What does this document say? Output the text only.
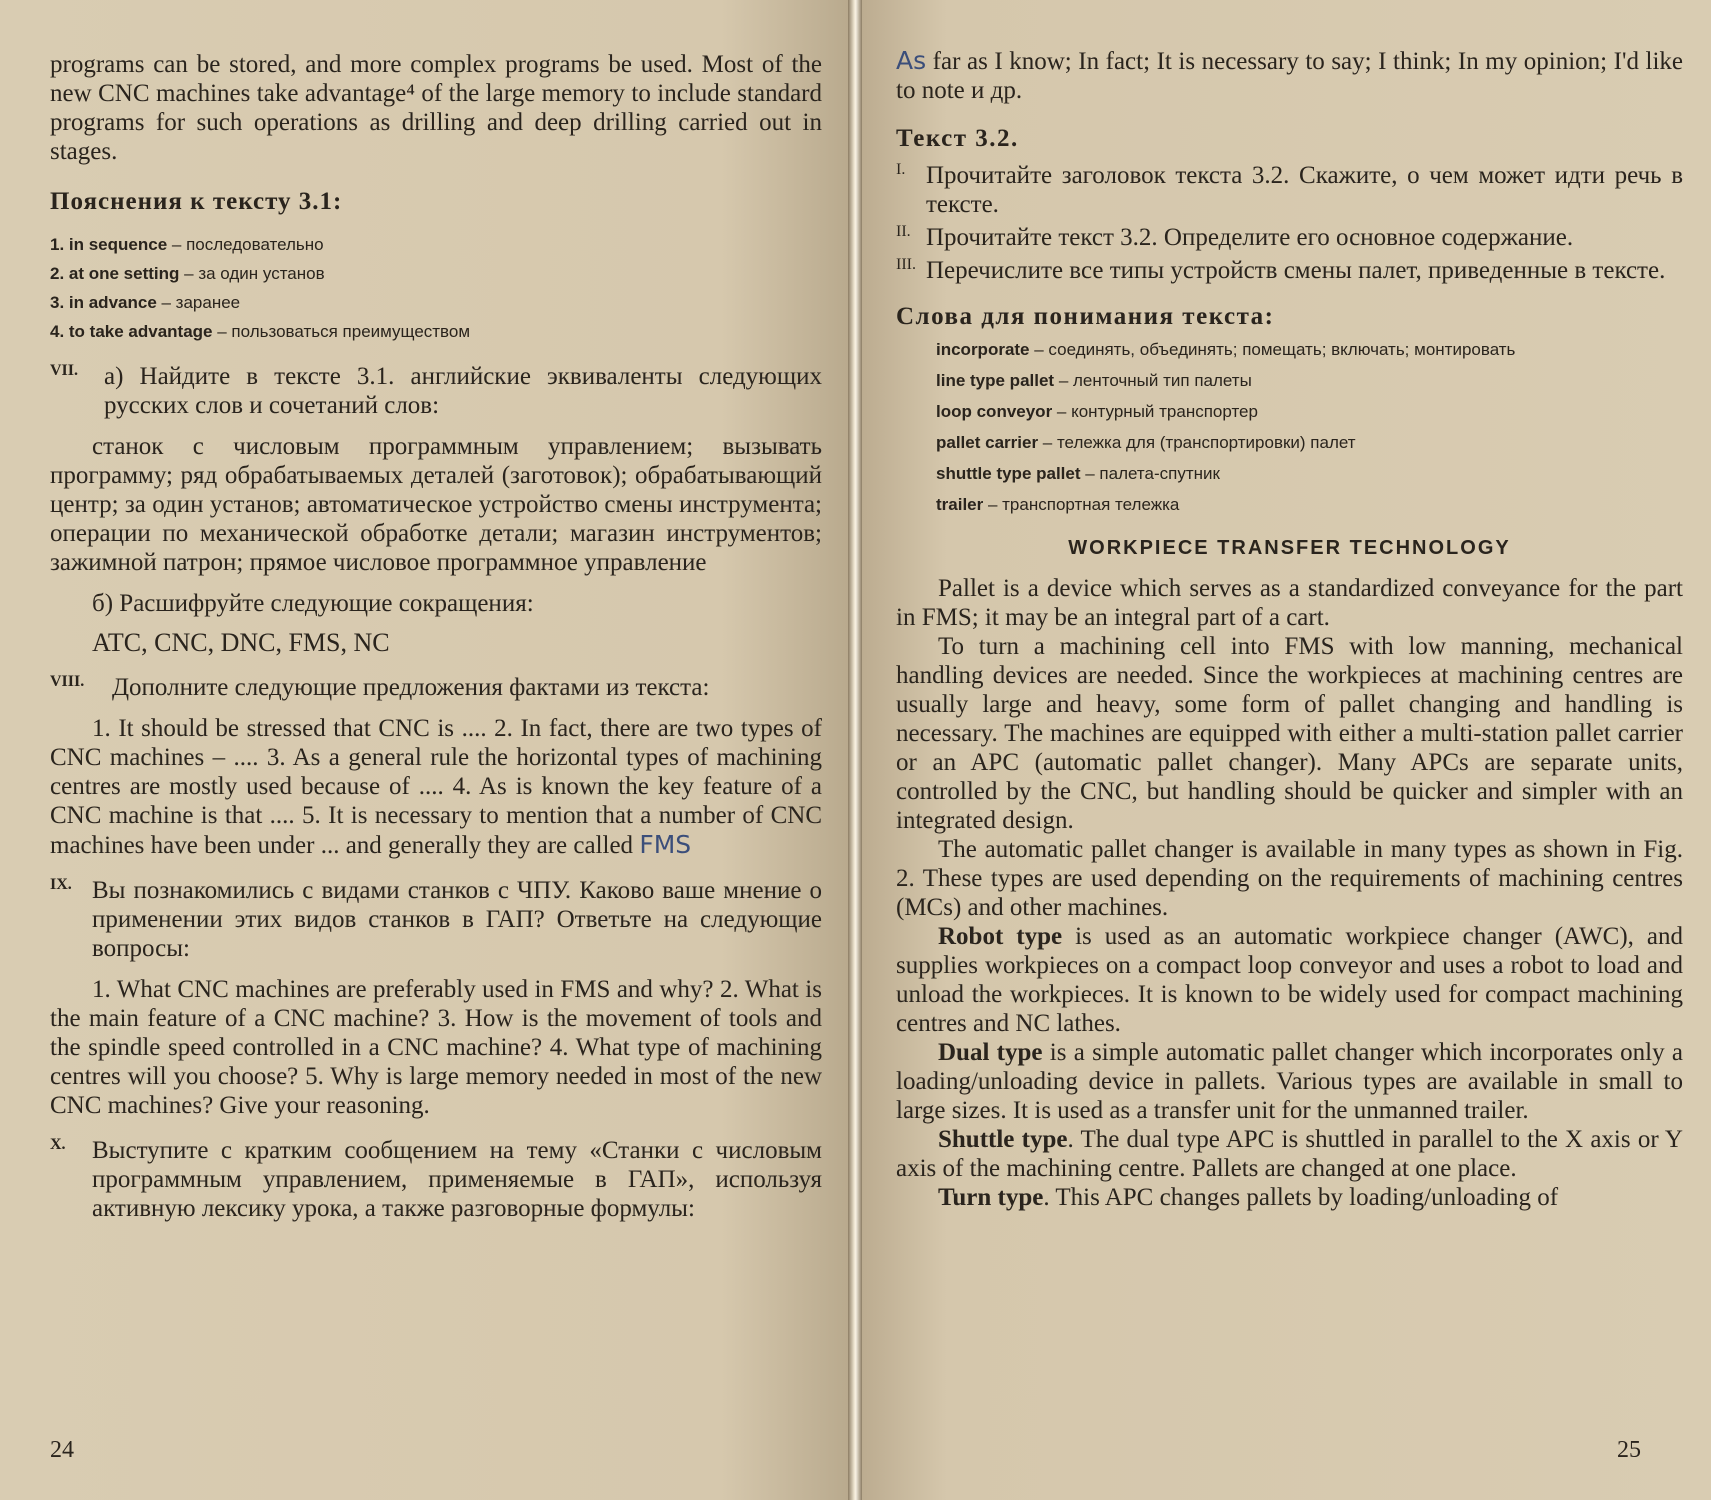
programs can be stored, and more complex programs be used. Most of the new CNC machines take advantage⁴ of the large memory to include standard programs for such operations as drilling and deep drilling carried out in stages.

Пояснения к тексту 3.1:

1. in sequence – последовательно

2. at one setting – за один установ

3. in advance – заранее

4. to take advantage – пользоваться преимуществом

VII.	а) Найдите в тексте 3.1. английские эквиваленты следующих русских слов и сочетаний слов:

станок с числовым программным управлением; вызывать программу; ряд обрабатываемых деталей (заготовок); обрабатывающий центр; за один установ; автоматическое устройство смены инструмента; операции по механической обработке детали; магазин инструментов; зажимной патрон; прямое числовое программное управление

б) Расшифруйте следующие сокращения:

ATC, CNC, DNC, FMS, NC

VIII.	Дополните следующие предложения фактами из текста:

1. It should be stressed that CNC is .... 2. In fact, there are two types of CNC machines – .... 3. As a general rule the horizontal types of machining centres are mostly used because of .... 4. As is known the key feature of a CNC machine is that .... 5. It is necessary to mention that a number of CNC machines have been under ... and generally they are called FMS

IX. Вы познакомились с видами станков с ЧПУ. Каково ваше мнение о применении этих видов станков в ГАП? Ответьте на следующие вопросы:

1. What CNC machines are preferably used in FMS and why? 2. What is the main feature of a CNC machine? 3. How is the movement of tools and the spindle speed controlled in a CNC machine? 4. What type of machining centres will you choose? 5. Why is large memory needed in most of the new CNC machines? Give your reasoning.

X. Выступите с кратким сообщением на тему «Станки с числовым программным управлением, применяемые в ГАП», используя активную лексику урока, а также разговорные формулы:

24

As far as I know; In fact; It is necessary to say; I think; In my opinion; I'd like to note и др.

Текст 3.2.
I. Прочитайте заголовок текста 3.2. Скажите, о чем может идти речь в тексте.

II. Прочитайте текст 3.2. Определите его основное содержание.

III. Перечислите все типы устройств смены палет, приведенные в тексте.

Слова для понимания текста:

incorporate – соединять, объединять; помещать; включать; монтировать

line type pallet – ленточный тип палеты

loop conveyor – контурный транспортер

pallet carrier – тележка для (транспортировки) палет

shuttle type pallet – палета-спутник

trailer – транспортная тележка

WORKPIECE TRANSFER TECHNOLOGY

Pallet is a device which serves as a standardized conveyance for the part in FMS; it may be an integral part of a cart.

To turn a machining cell into FMS with low manning, mechanical handling devices are needed. Since the workpieces at machining centres are usually large and heavy, some form of pallet changing and handling is necessary. The machines are equipped with either a multi-station pallet carrier or an APC (automatic pallet changer). Many APCs are separate units, controlled by the CNC, but handling should be quicker and simpler with an integrated design.

The automatic pallet changer is available in many types as shown in Fig. 2. These types are used depending on the requirements of machining centres (MCs) and other machines.

Robot type is used as an automatic workpiece changer (AWC), and supplies workpieces on a compact loop conveyor and uses a robot to load and unload the workpieces. It is known to be widely used for compact machining centres and NC lathes.

Dual type is a simple automatic pallet changer which incorporates only a loading/unloading device in pallets. Various types are available in small to large sizes. It is used as a transfer unit for the unmanned trailer.

Shuttle type. The dual type APC is shuttled in parallel to the X axis or Y axis of the machining centre. Pallets are changed at one place.

Turn type. This APC changes pallets by loading/unloading of

25
